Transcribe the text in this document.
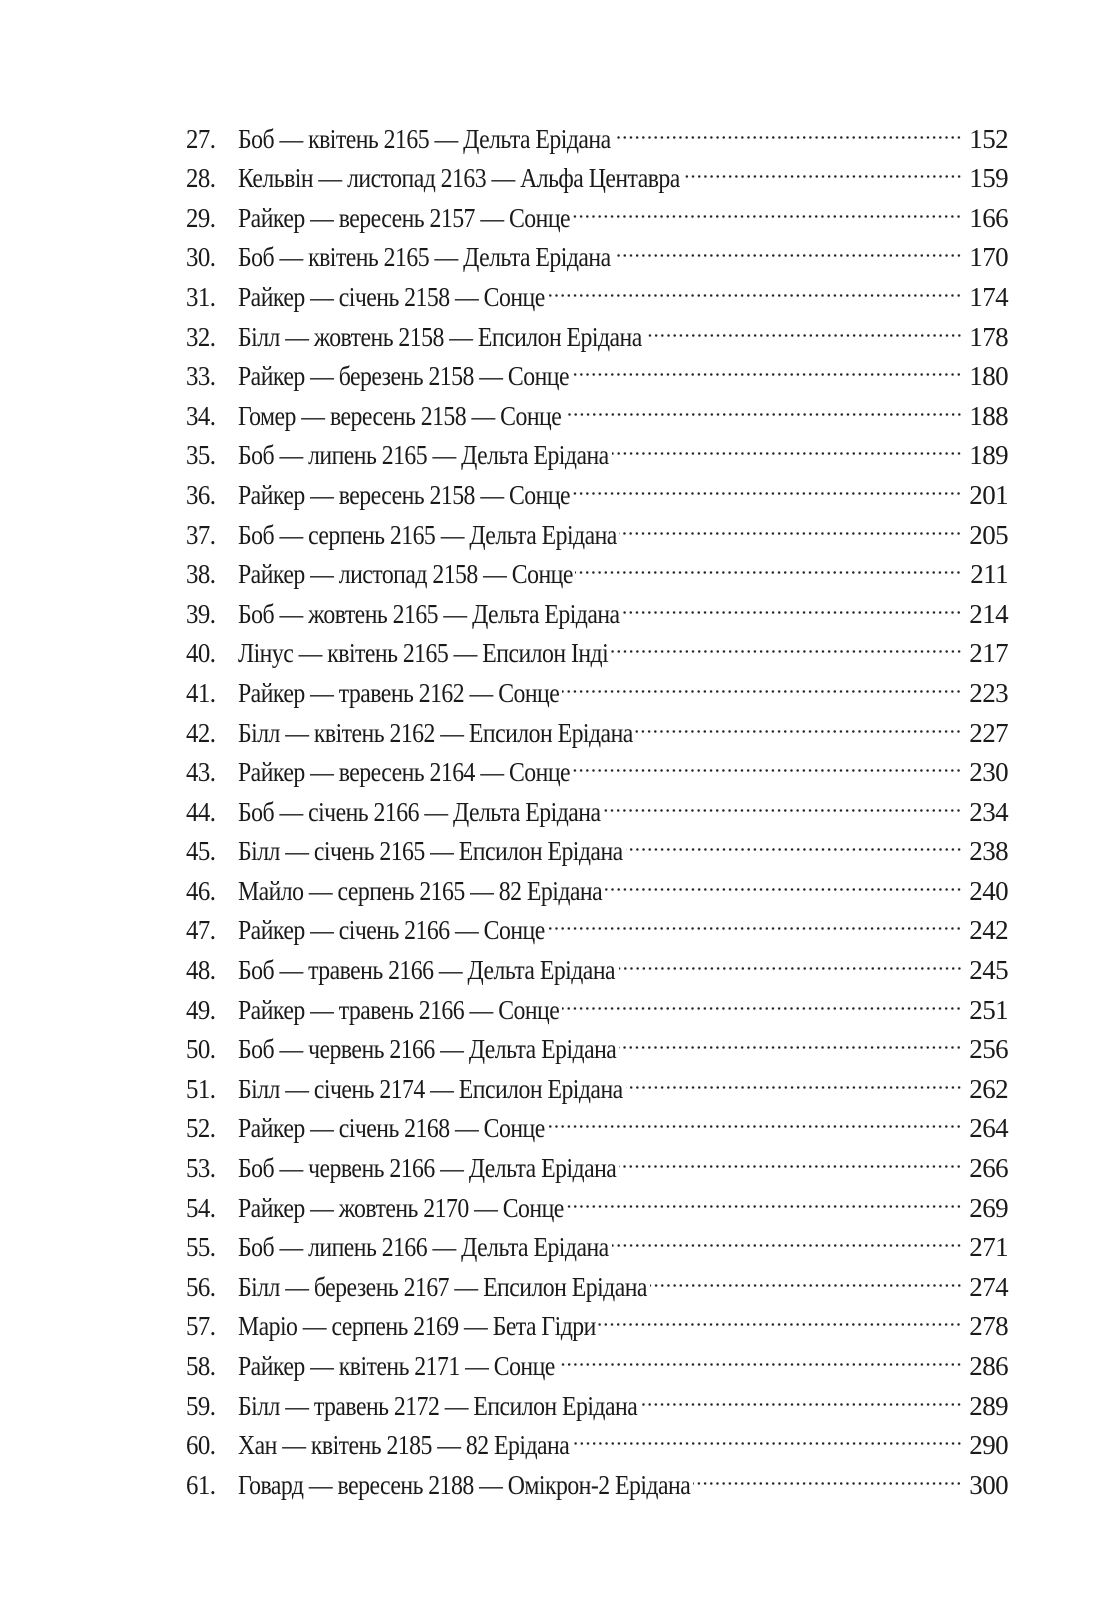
27. Боб — квітень 2165 — Дельта Ерідана	152
28. Кельвін — листопад 2163 — Альфа Центавра	159
29. Райкер — вересень 2157 — Сонце	166
30. Боб — квітень 2165 — Дельта Ерідана	170
31. Райкер — січень 2158 — Сонце	174
32. Білл — жовтень 2158 — Епсилон Ерідана	178
33. Райкер — березень 2158 — Сонце	180
34. Гомер — вересень 2158 — Сонце	188
35. Боб — липень 2165 — Дельта Ерідана	189
36. Райкер — вересень 2158 — Сонце	201
37. Боб — серпень 2165 — Дельта Ерідана	205
38. Райкер — листопад 2158 — Сонце	211
39. Боб — жовтень 2165 — Дельта Ерідана	214
40. Лінус — квітень 2165 — Епсилон Інді	217
41. Райкер — травень 2162 — Сонце	223
42. Білл — квітень 2162 — Епсилон Ерідана	227
43. Райкер — вересень 2164 — Сонце	230
44. Боб — січень 2166 — Дельта Ерідана	234
45. Білл — січень 2165 — Епсилон Ерідана	238
46. Майло — серпень 2165 — 82 Ерідана	240
47. Райкер — січень 2166 — Сонце	242
48. Боб — травень 2166 — Дельта Ерідана	245
49. Райкер — травень 2166 — Сонце	251
50. Боб — червень 2166 — Дельта Ерідана	256
51. Білл — січень 2174 — Епсилон Ерідана	262
52. Райкер — січень 2168 — Сонце	264
53. Боб — червень 2166 — Дельта Ерідана	266
54. Райкер — жовтень 2170 — Сонце	269
55. Боб — липень 2166 — Дельта Ерідана	271
56. Білл — березень 2167 — Епсилон Ерідана	274
57. Маріо — серпень 2169 — Бета Гідри	278
58. Райкер — квітень 2171 — Сонце	286
59. Білл — травень 2172 — Епсилон Ерідана	289
60. Хан — квітень 2185 — 82 Ерідана	290
61. Говард — вересень 2188 — Омікрон-2 Ерідана	300
